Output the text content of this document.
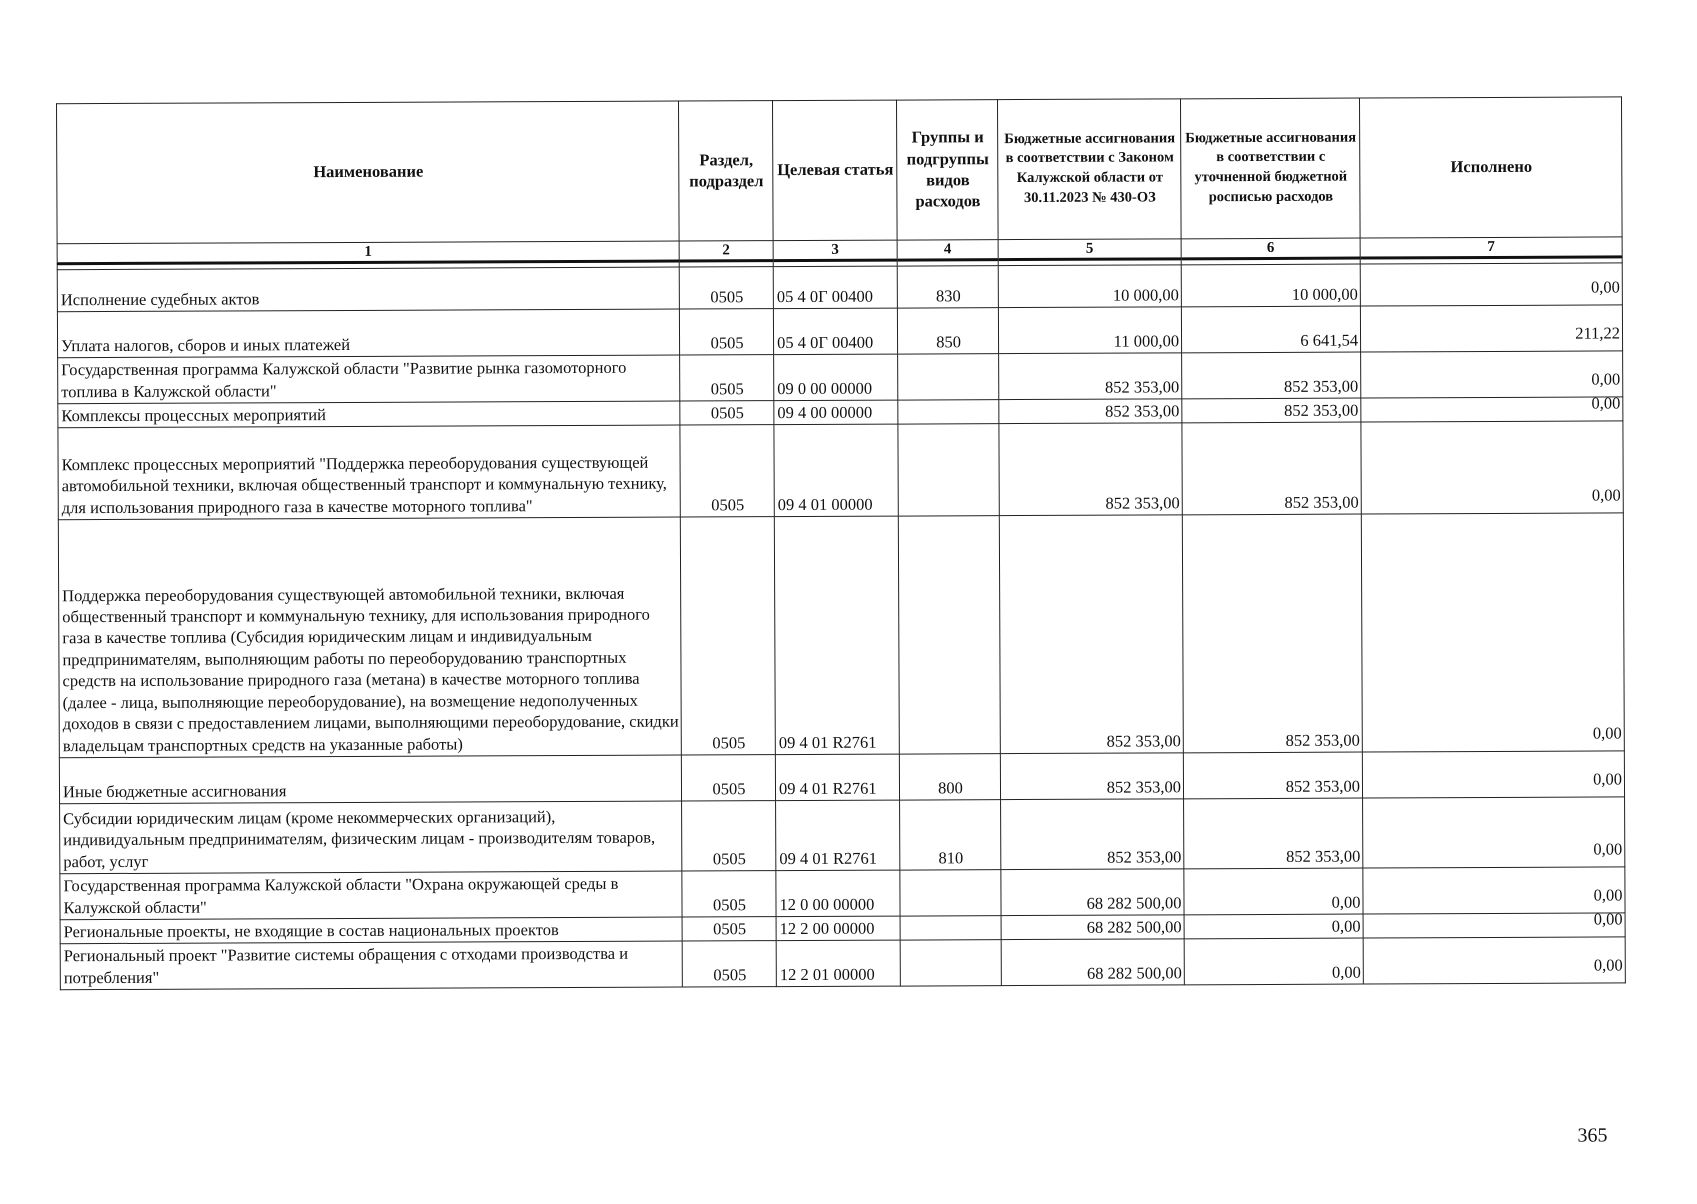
Наименование	Раздел, подраздел	Целевая статья	Группы и подгруппы видов расходов	Бюджетные ассигнования в соответствии с Законом Калужской области от 30.11.2023 № 430-ОЗ	Бюджетные ассигнования в соответствии с уточненной бюджетной росписью расходов	Исполнено
1	2	3	4	5	6	7

Исполнение судебных актов	0505	05 4 0Г 00400	830	10 000,00	10 000,00	0,00
Уплата налогов, сборов и иных платежей	0505	05 4 0Г 00400	850	11 000,00	6 641,54	211,22
Государственная программа Калужской области "Развитие рынка газомоторного топлива в Калужской области"	0505	09 0 00 00000		852 353,00	852 353,00	0,00
Комплексы процессных мероприятий	0505	09 4 00 00000		852 353,00	852 353,00	0,00
Комплекс процессных мероприятий "Поддержка переоборудования существующей автомобильной техники, включая общественный транспорт и коммунальную технику, для использования природного газа в качестве моторного топлива"	0505	09 4 01 00000		852 353,00	852 353,00	0,00
Поддержка переоборудования существующей автомобильной техники, включая общественный транспорт и коммунальную технику, для использования природного газа в качестве топлива (Субсидия юридическим лицам и индивидуальным предпринимателям, выполняющим работы по переоборудованию транспортных средств на использование природного газа (метана) в качестве моторного топлива (далее - лица, выполняющие переоборудование), на возмещение недополученных доходов в связи с предоставлением лицами, выполняющими переоборудование, скидки владельцам транспортных средств на указанные работы)	0505	09 4 01 R2761		852 353,00	852 353,00	0,00
Иные бюджетные ассигнования	0505	09 4 01 R2761	800	852 353,00	852 353,00	0,00
Субсидии юридическим лицам (кроме некоммерческих организаций), индивидуальным предпринимателям, физическим лицам - производителям товаров, работ, услуг	0505	09 4 01 R2761	810	852 353,00	852 353,00	0,00
Государственная программа Калужской области "Охрана окружающей среды в Калужской области"	0505	12 0 00 00000		68 282 500,00	0,00	0,00
Региональные проекты, не входящие в состав национальных проектов	0505	12 2 00 00000		68 282 500,00	0,00	0,00
Региональный проект "Развитие системы обращения с отходами производства и потребления"	0505	12 2 01 00000		68 282 500,00	0,00	0,00
365
